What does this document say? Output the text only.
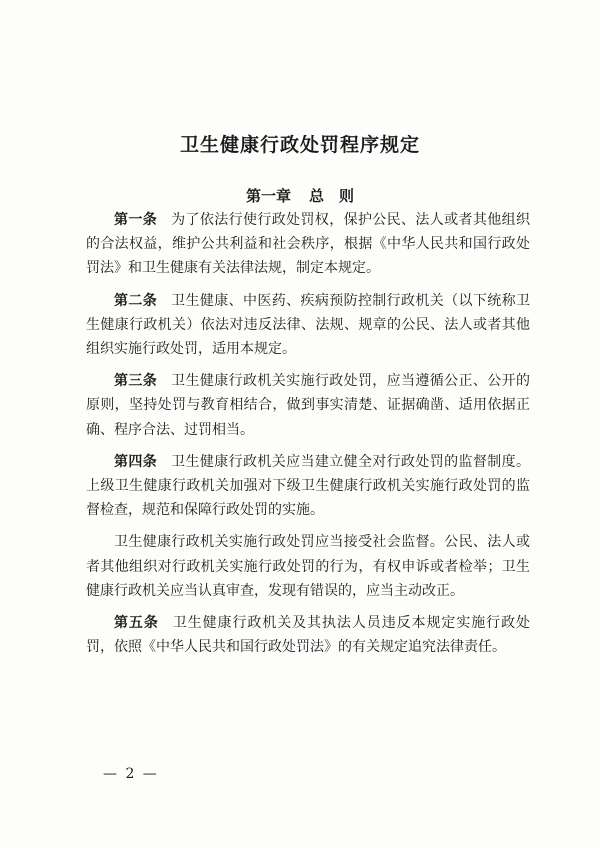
卫生健康行政处罚程序规定
第一章 总　则

第一条 为了依法行使行政处罚权，保护公民、法人或者其他组织的合法权益，维护公共利益和社会秩序，根据《中华人民共和国行政处罚法》和卫生健康有关法律法规，制定本规定。

第二条 卫生健康、中医药、疾病预防控制行政机关（以下统称卫生健康行政机关）依法对违反法律、法规、规章的公民、法人或者其他组织实施行政处罚，适用本规定。

第三条 卫生健康行政机关实施行政处罚，应当遵循公正、公开的原则，坚持处罚与教育相结合，做到事实清楚、证据确凿、适用依据正确、程序合法、过罚相当。

第四条 卫生健康行政机关应当建立健全对行政处罚的监督制度。上级卫生健康行政机关加强对下级卫生健康行政机关实施行政处罚的监督检查，规范和保障行政处罚的实施。

卫生健康行政机关实施行政处罚应当接受社会监督。公民、法人或者其他组织对行政机关实施行政处罚的行为，有权申诉或者检举；卫生健康行政机关应当认真审查，发现有错误的，应当主动改正。

第五条 卫生健康行政机关及其执法人员违反本规定实施行政处罚，依照《中华人民共和国行政处罚法》的有关规定追究法律责任。

— 2 —
